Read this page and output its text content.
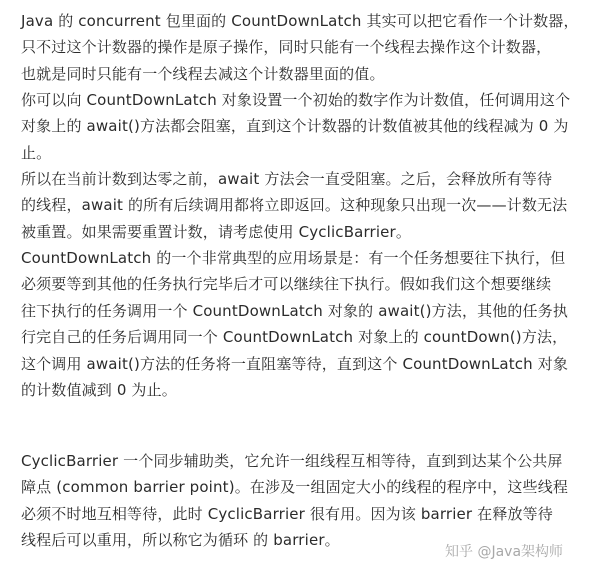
Java 的 concurrent 包里面的 CountDownLatch 其实可以把它看作一个计数器，
只不过这个计数器的操作是原子操作，同时只能有一个线程去操作这个计数器，
也就是同时只能有一个线程去减这个计数器里面的值。
你可以向 CountDownLatch 对象设置一个初始的数字作为计数值，任何调用这个
对象上的 await()方法都会阻塞，直到这个计数器的计数值被其他的线程减为 0 为
止。
所以在当前计数到达零之前，await 方法会一直受阻塞。之后，会释放所有等待
的线程，await 的所有后续调用都将立即返回。这种现象只出现一次——计数无法
被重置。如果需要重置计数，请考虑使用 CyclicBarrier。
CountDownLatch 的一个非常典型的应用场景是：有一个任务想要往下执行，但
必须要等到其他的任务执行完毕后才可以继续往下执行。假如我们这个想要继续
往下执行的任务调用一个 CountDownLatch 对象的 await()方法，其他的任务执
行完自己的任务后调用同一个 CountDownLatch 对象上的 countDown()方法，
这个调用 await()方法的任务将一直阻塞等待，直到这个 CountDownLatch 对象
的计数值减到 0 为止。
CyclicBarrier 一个同步辅助类，它允许一组线程互相等待，直到到达某个公共屏
障点 (common barrier point)。在涉及一组固定大小的线程的程序中，这些线程
必须不时地互相等待，此时 CyclicBarrier 很有用。因为该 barrier 在释放等待
线程后可以重用，所以称它为循环 的 barrier。
知乎 @Java架构师
